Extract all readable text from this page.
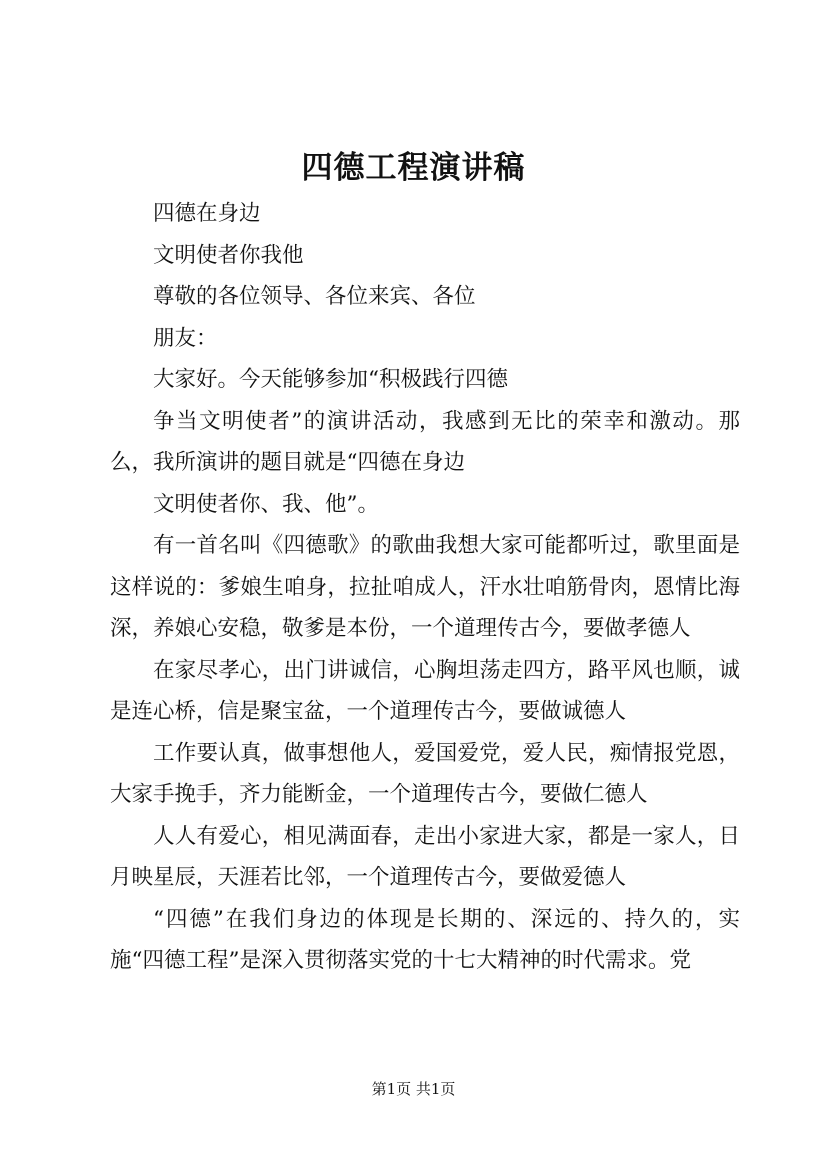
四德工程演讲稿

四德在身边

文明使者你我他

尊敬的各位领导、各位来宾、各位

朋友：

大家好。今天能够参加“积极践行四德

争当文明使者”的演讲活动，我感到无比的荣幸和激动。那么，我所演讲的题目就是“四德在身边

文明使者你、我、他”。

有一首名叫《四德歌》的歌曲我想大家可能都听过，歌里面是这样说的：爹娘生咱身，拉扯咱成人，汗水壮咱筋骨肉，恩情比海深，养娘心安稳，敬爹是本份，一个道理传古今，要做孝德人

在家尽孝心，出门讲诚信，心胸坦荡走四方，路平风也顺，诚是连心桥，信是聚宝盆，一个道理传古今，要做诚德人

工作要认真，做事想他人，爱国爱党，爱人民，痴情报党恩，大家手挽手，齐力能断金，一个道理传古今，要做仁德人

人人有爱心，相见满面春，走出小家进大家，都是一家人，日月映星辰，天涯若比邻，一个道理传古今，要做爱德人

“四德”在我们身边的体现是长期的、深远的、持久的，实施“四德工程”是深入贯彻落实党的十七大精神的时代需求。党

第1页 共1页
